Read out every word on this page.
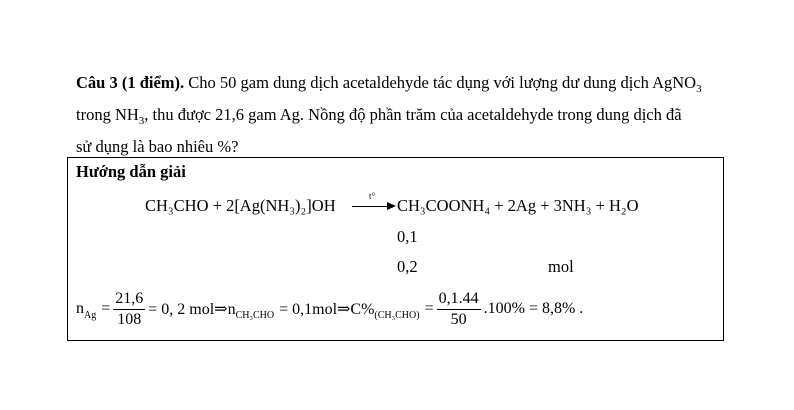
Câu 3 (1 điểm). Cho 50 gam dung dịch acetaldehyde tác dụng với lượng dư dung dịch AgNO$_3$
trong $NH_3$, thu được 21,6 gam Ag. Nồng độ phần trăm của acetaldehyde trong dung dịch đã
sử dụng là bao nhiêu %?
Hướng dẫn giải
CH₃CHO + 2[Ag(NH₃)₂]OH	t° CH₃COONH₄ + 2Ag + 3NH₃ + H₂O
0,1
0,2	mol
n $Ag = \frac{21,6}{108} = 0$, 2 mol⇒n CH₃CHO = 0,1mol⇒C% $(CH_3CHO) = \frac{0,1.44}{50} .100\% = 8,8\%$ .
